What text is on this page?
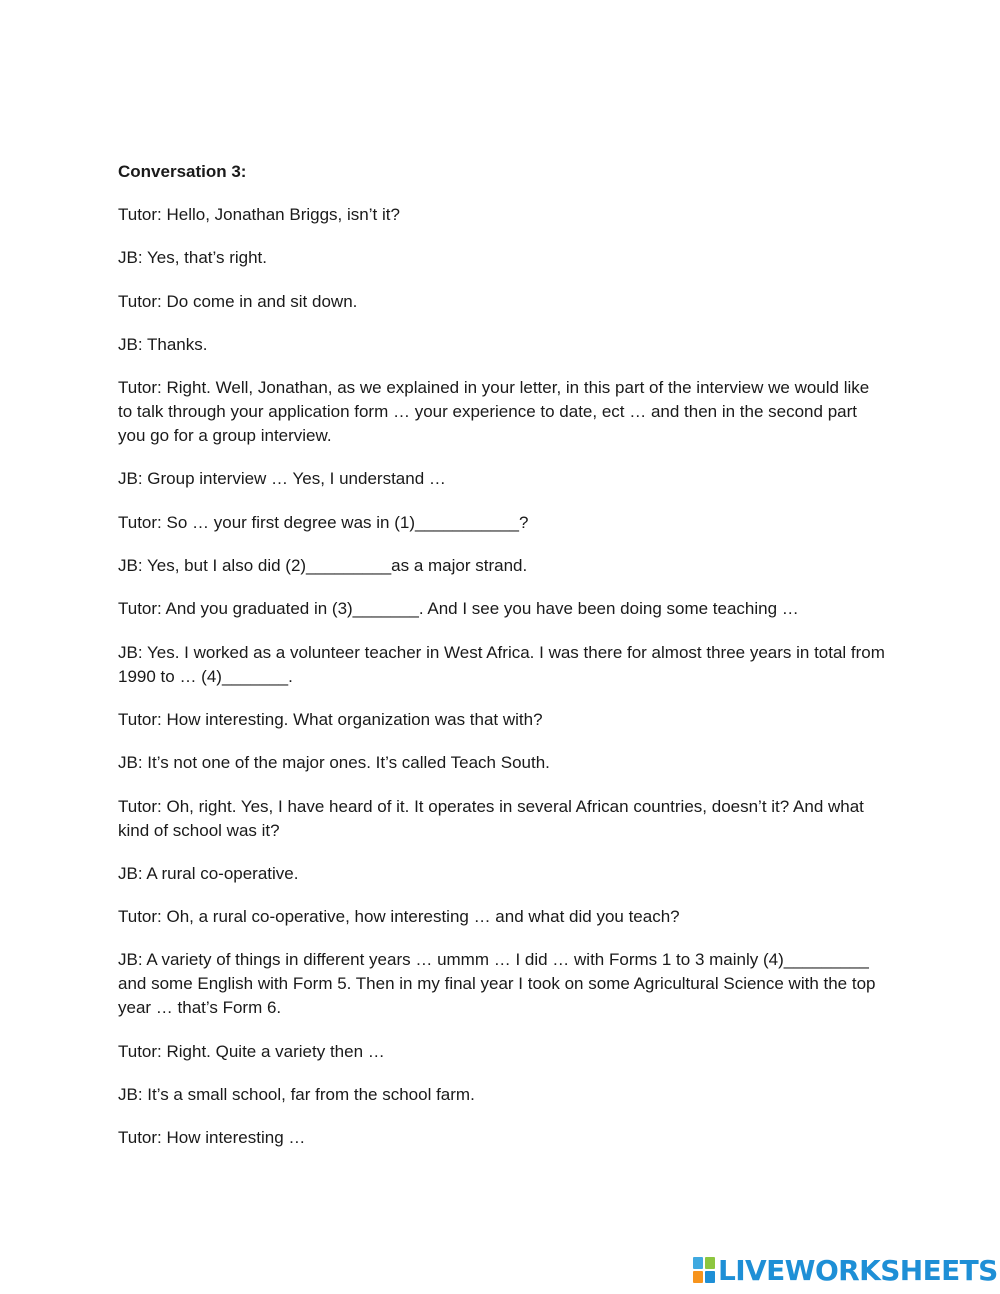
Conversation 3:
Tutor: Hello, Jonathan Briggs, isn’t it?
JB: Yes, that’s right.
Tutor: Do come in and sit down.
JB: Thanks.
Tutor: Right. Well, Jonathan, as we explained in your letter, in this part of the interview we would like to talk through your application form … your experience to date, ect … and then in the second part you go for a group interview.
JB: Group interview … Yes, I understand …
Tutor: So … your first degree was in (1)___________?
JB: Yes, but I also did (2)_________as a major strand.
Tutor: And you graduated in (3)_______. And I see you have been doing some teaching …
JB: Yes. I worked as a volunteer teacher in West Africa. I was there for almost three years in total from 1990 to … (4)_______.
Tutor: How interesting. What organization was that with?
JB: It’s not one of the major ones. It’s called Teach South.
Tutor: Oh, right. Yes, I have heard of it. It operates in several African countries, doesn’t it? And what kind of school was it?
JB: A rural co-operative.
Tutor: Oh, a rural co-operative, how interesting … and what did you teach?
JB: A variety of things in different years … ummm … I did … with Forms 1 to 3 mainly (4)_________ and some English with Form 5. Then in my final year I took on some Agricultural Science with the top year … that’s Form 6.
Tutor: Right. Quite a variety then …
JB: It’s a small school, far from the school farm.
Tutor: How interesting …
LIVEWORKSHEETS
